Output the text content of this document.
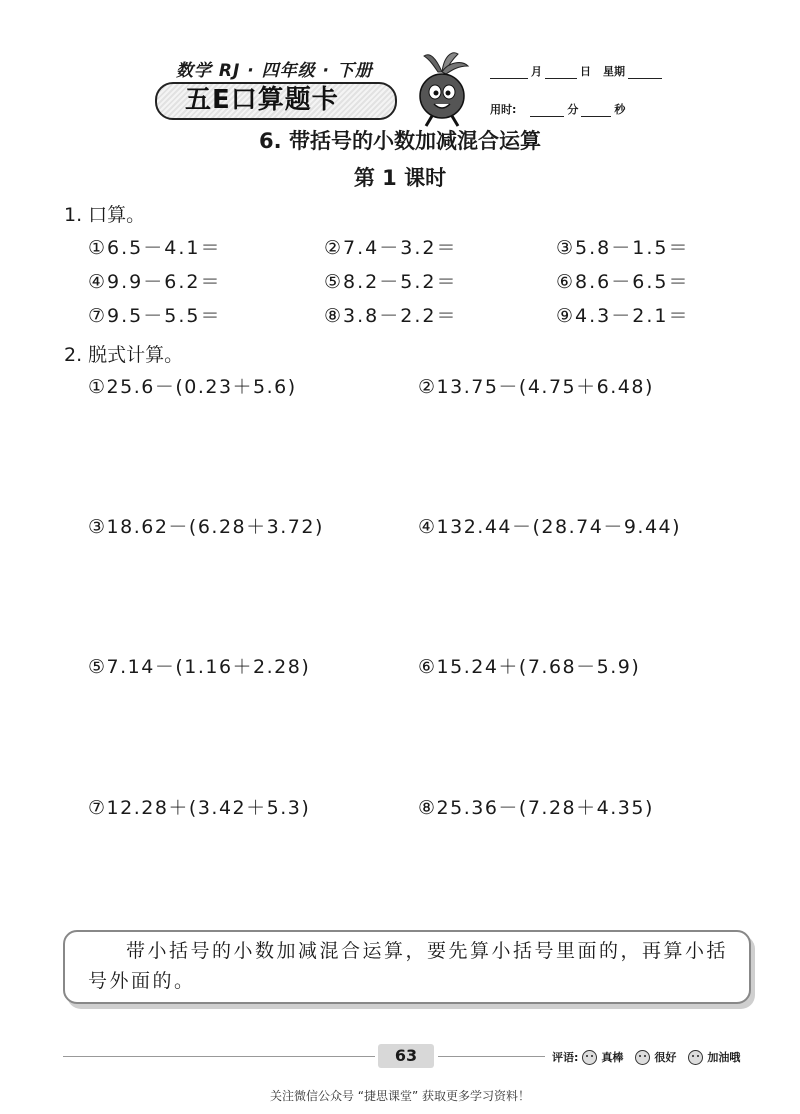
数学 RJ · 四年级 · 下册
五E口算题卡
月	日 星期
用时:	分	秒
6. 带括号的小数加减混合运算
第 1 课时
1. 口算。
①6.5－4.1＝	②7.4－3.2＝	③5.8－1.5＝
④9.9－6.2＝	⑤8.2－5.2＝	⑥8.6－6.5＝
⑦9.5－5.5＝	⑧3.8－2.2＝	⑨4.3－2.1＝
2. 脱式计算。
①25.6－(0.23＋5.6)	②13.75－(4.75＋6.48)
③18.62－(6.28＋3.72)	④132.44－(28.74－9.44)
⑤7.14－(1.16＋2.28)	⑥15.24＋(7.68－5.9)
⑦12.28＋(3.42＋5.3)	⑧25.36－(7.28＋4.35)
带小括号的小数加减混合运算，要先算小括号里面的，再算小括号外面的。
63	评语: 真棒	很好	加油哦
关注微信公众号 “捷思课堂” 获取更多学习资料！
